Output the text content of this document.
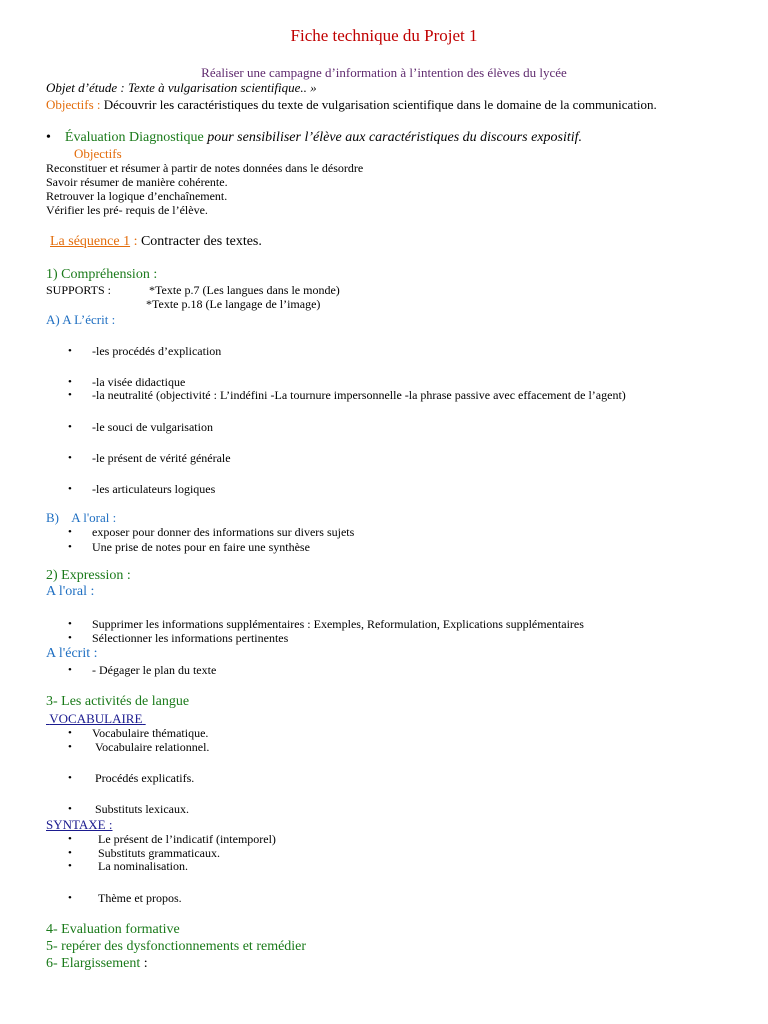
Fiche technique du Projet 1
Réaliser une campagne d’information à l’intention des élèves du lycée
Objet d’étude : Texte à vulgarisation scientifique.. »
Objectifs : Découvrir les caractéristiques du texte de vulgarisation scientifique dans le domaine de la communication.
• Évaluation Diagnostique pour sensibiliser l’élève aux caractéristiques du discours expositif.
Objectifs
Reconstituer et résumer à partir de notes données dans le désordre
Savoir résumer de manière cohérente.
Retrouver la logique d’enchaînement.
Vérifier les pré- requis de l’élève.
La séquence 1 : Contracter des textes.
1) Compréhension :
SUPPORTS :	*Texte p.7 (Les langues dans le monde)
*Texte p.18 (Le langage de l’image)
A) A L’écrit :
• -les procédés d’explication
• -la visée didactique
• -la neutralité (objectivité : L’indéfini -La tournure impersonnelle -la phrase passive avec effacement de l’agent)
• -le souci de vulgarisation
• -le présent de vérité générale
• -les articulateurs logiques
B) A l'oral :
• exposer pour donner des informations sur divers sujets
• Une prise de notes pour en faire une synthèse
2) Expression :
A l'oral :
• Supprimer les informations supplémentaires : Exemples, Reformulation, Explications supplémentaires
• Sélectionner les informations pertinentes
A l'écrit :
• - Dégager le plan du texte
3- Les activités de langue
VOCABULAIRE
• Vocabulaire thématique.
• Vocabulaire relationnel.
• Procédés explicatifs.
• Substituts lexicaux.
SYNTAXE :
• Le présent de l’indicatif (intemporel)
• Substituts grammaticaux.
• La nominalisation.
• Thème et propos.
4- Evaluation formative
5- repérer des dysfonctionnements et remédier
6- Elargissement :
